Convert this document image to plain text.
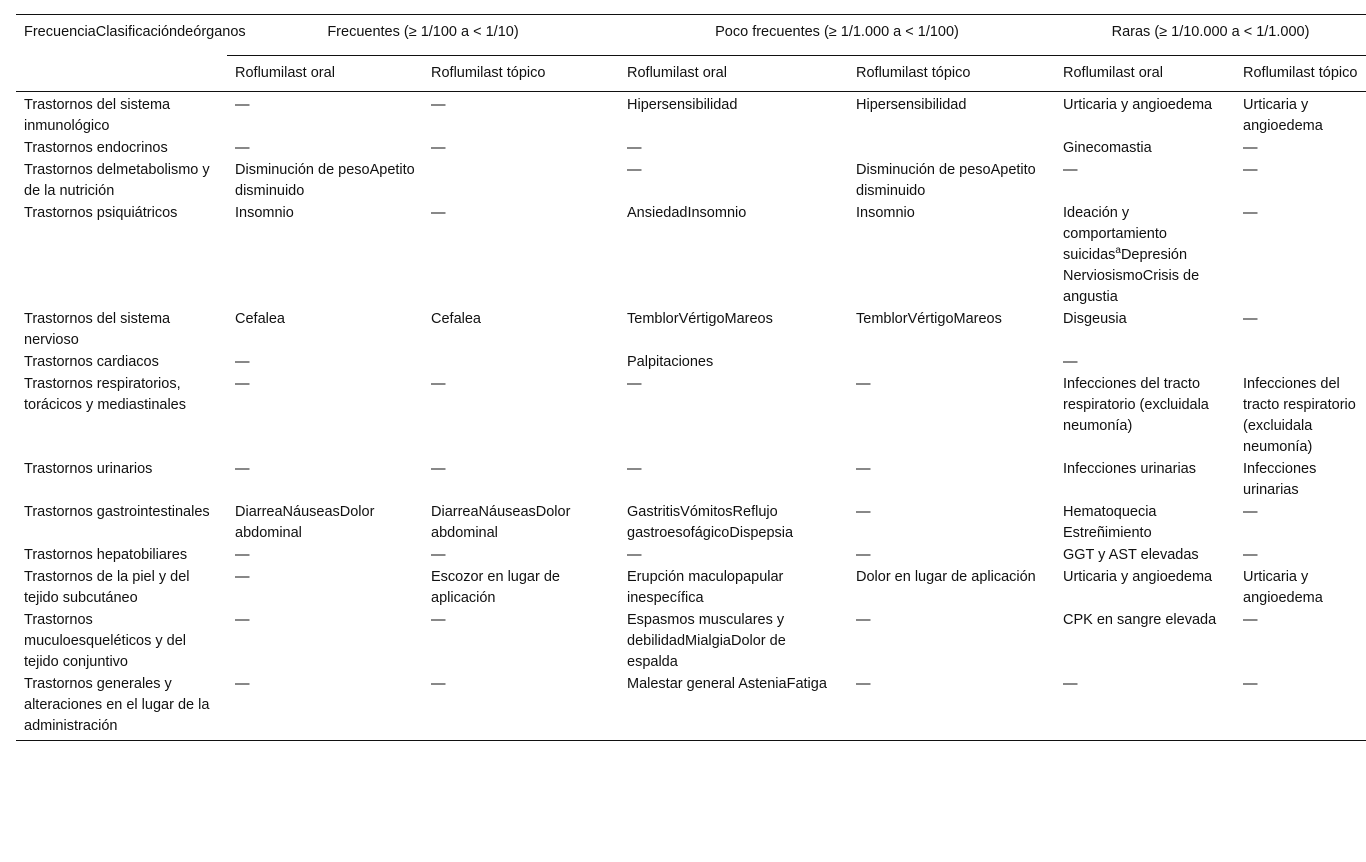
FrecuenciaClasificacióndeórganos	Frecuentes (≥ 1/100 a < 1/10)		Poco frecuentes (≥ 1/1.000 a < 1/100)		Raras (≥ 1/10.000 a < 1/1.000)	
	Roflumilast oral	Roflumilast tópico	Roflumilast oral	Roflumilast tópico	Roflumilast oral	Roflumilast tópico
Trastornos del sistema inmunológico	—	—	Hipersensibilidad	Hipersensibilidad	Urticaria y angioedema	Urticaria y angioedema
Trastornos endocrinos	—	—	—		Ginecomastia	—
Trastornos delmetabolismo y de la nutrición	Disminución de pesoApetito disminuido		—	Disminución de pesoApetito disminuido	—	—
Trastornos psiquiátricos	Insomnio	—	AnsiedadInsomnio	Insomnio	Ideación y comportamiento suicidas$^a$Depresión NerviosismoCrisis de angustia	—
Trastornos del sistema nervioso	Cefalea	Cefalea	TemblorVértigoMareos	TemblorVértigoMareos	Disgeusia	—
Trastornos cardiacos	—		Palpitaciones		—	
Trastornos respiratorios, torácicos y mediastinales	—	—	—	—	Infecciones del tracto respiratorio (excluidala neumonía)	Infecciones del tracto respiratorio (excluidala neumonía)
Trastornos urinarios	—	—	—	—	Infecciones urinarias	Infecciones urinarias
Trastornos gastrointestinales	DiarreaNáuseasDolor abdominal	DiarreaNáuseasDolor abdominal	GastritisVómitosReflujo gastroesofágicoDispepsia	—	Hematoquecia Estreñimiento	—
Trastornos hepatobiliares	—	—	—	—	GGT y AST elevadas	—
Trastornos de la piel y del tejido subcutáneo	—	Escozor en lugar de aplicación	Erupción maculopapular inespecífica	Dolor en lugar de aplicación	Urticaria y angioedema	Urticaria y angioedema
Trastornos muculoesqueléticos y del tejido conjuntivo	—	—	Espasmos musculares y debilidadMialgiaDolor de espalda	—	CPK en sangre elevada	—
Trastornos generales y alteraciones en el lugar de la administración	—	—	Malestar general AsteniaFatiga	—	—	—
